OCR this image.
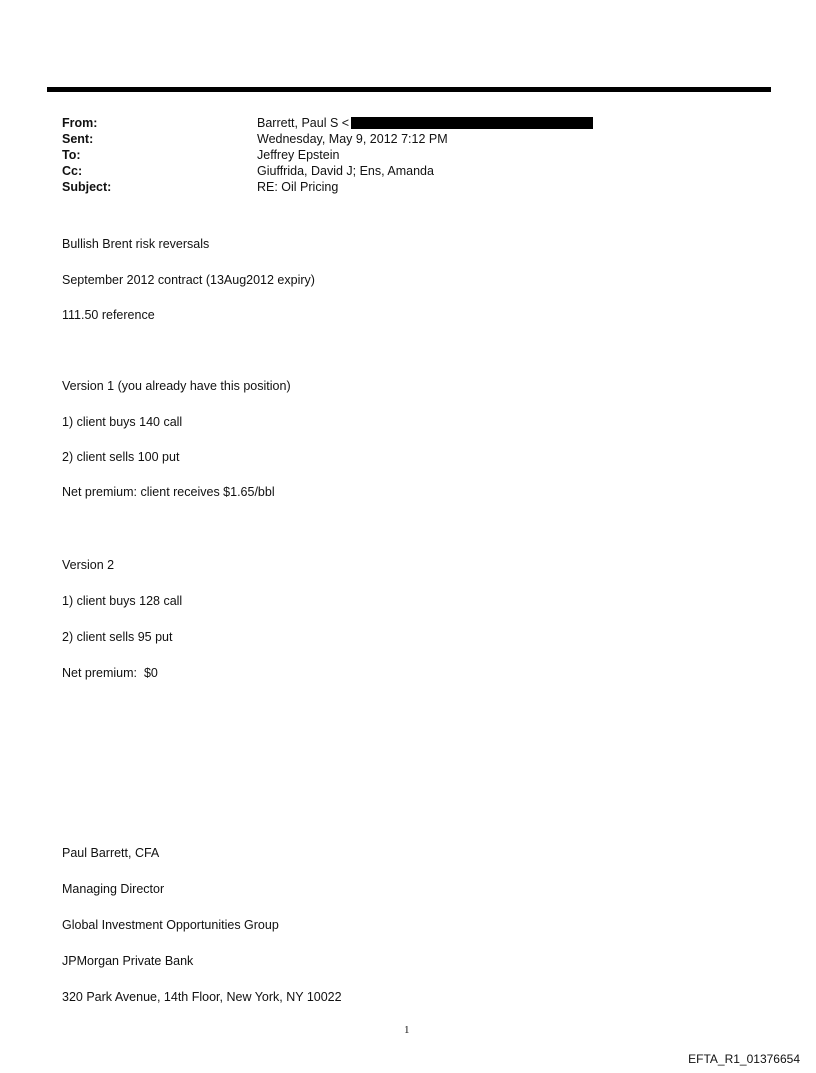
From:	Barrett, Paul S <
Sent:	Wednesday, May 9, 2012 7:12 PM
To:	Jeffrey Epstein
Cc:	Giuffrida, David J; Ens, Amanda
Subject:	RE: Oil Pricing
Bullish Brent risk reversals
September 2012 contract (13Aug2012 expiry)
111.50 reference
Version 1 (you already have this position)
1) client buys 140 call
2) client sells 100 put
Net premium: client receives $1.65/bbl
Version 2
1) client buys 128 call
2) client sells 95 put
Net premium:  $0
Paul Barrett, CFA
Managing Director
Global Investment Opportunities Group
JPMorgan Private Bank
320 Park Avenue, 14th Floor, New York, NY 10022
1
EFTA_R1_01376654
